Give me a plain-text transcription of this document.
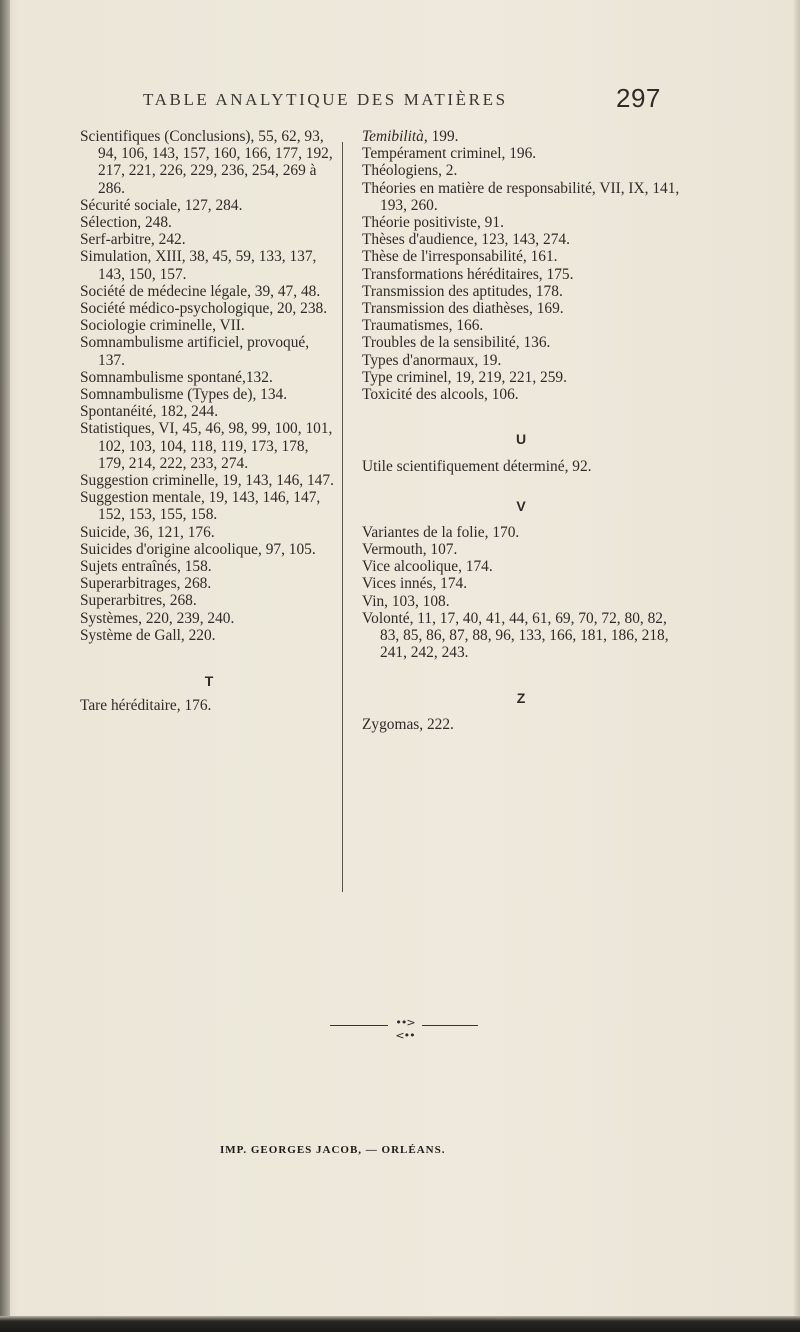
TABLE ANALYTIQUE DES MATIÈRES	297

Scientifiques (Conclusions), 55, 62, 93, 94, 106, 143, 157, 160, 166, 177, 192, 217, 221, 226, 229, 236, 254, 269 à 286.

Sécurité sociale, 127, 284.

Sélection, 248.

Serf-arbitre, 242.

Simulation, XIII, 38, 45, 59, 133, 137, 143, 150, 157.

Société de médecine légale, 39, 47, 48.

Société médico-psychologique, 20, 238.

Sociologie criminelle, VII.

Somnambulisme artificiel, provoqué, 137.

Somnambulisme spontané,132.

Somnambulisme (Types de), 134.

Spontanéité, 182, 244.

Statistiques, VI, 45, 46, 98, 99, 100, 101, 102, 103, 104, 118, 119, 173, 178, 179, 214, 222, 233, 274.

Suggestion criminelle, 19, 143, 146, 147.

Suggestion mentale, 19, 143, 146, 147, 152, 153, 155, 158.

Suicide, 36, 121, 176.

Suicides d'origine alcoolique, 97, 105.

Sujets entraînés, 158.

Superarbitrages, 268.

Superarbitres, 268.

Systèmes, 220, 239, 240.

Système de Gall, 220.

T

Tare héréditaire, 176.

Temibilità, 199.

Tempérament criminel, 196.

Théologiens, 2.

Théories en matière de responsabilité, VII, IX, 141, 193, 260.

Théorie positiviste, 91.

Thèses d'audience, 123, 143, 274.

Thèse de l'irresponsabilité, 161.

Transformations héréditaires, 175.

Transmission des aptitudes, 178.

Transmission des diathèses, 169.

Traumatismes, 166.

Troubles de la sensibilité, 136.

Types d'anormaux, 19.

Type criminel, 19, 219, 221, 259.

Toxicité des alcools, 106.

U

Utile scientifiquement déterminé, 92.

V

Variantes de la folie, 170.

Vermouth, 107.

Vice alcoolique, 174.

Vices innés, 174.

Vin, 103, 108.

Volonté, 11, 17, 40, 41, 44, 61, 69, 70, 72, 80, 82, 83, 85, 86, 87, 88, 96, 133, 166, 181, 186, 218, 241, 242, 243.

Z

Zygomas, 222.

••><••
IMP. GEORGES JACOB, — ORLÉANS.
